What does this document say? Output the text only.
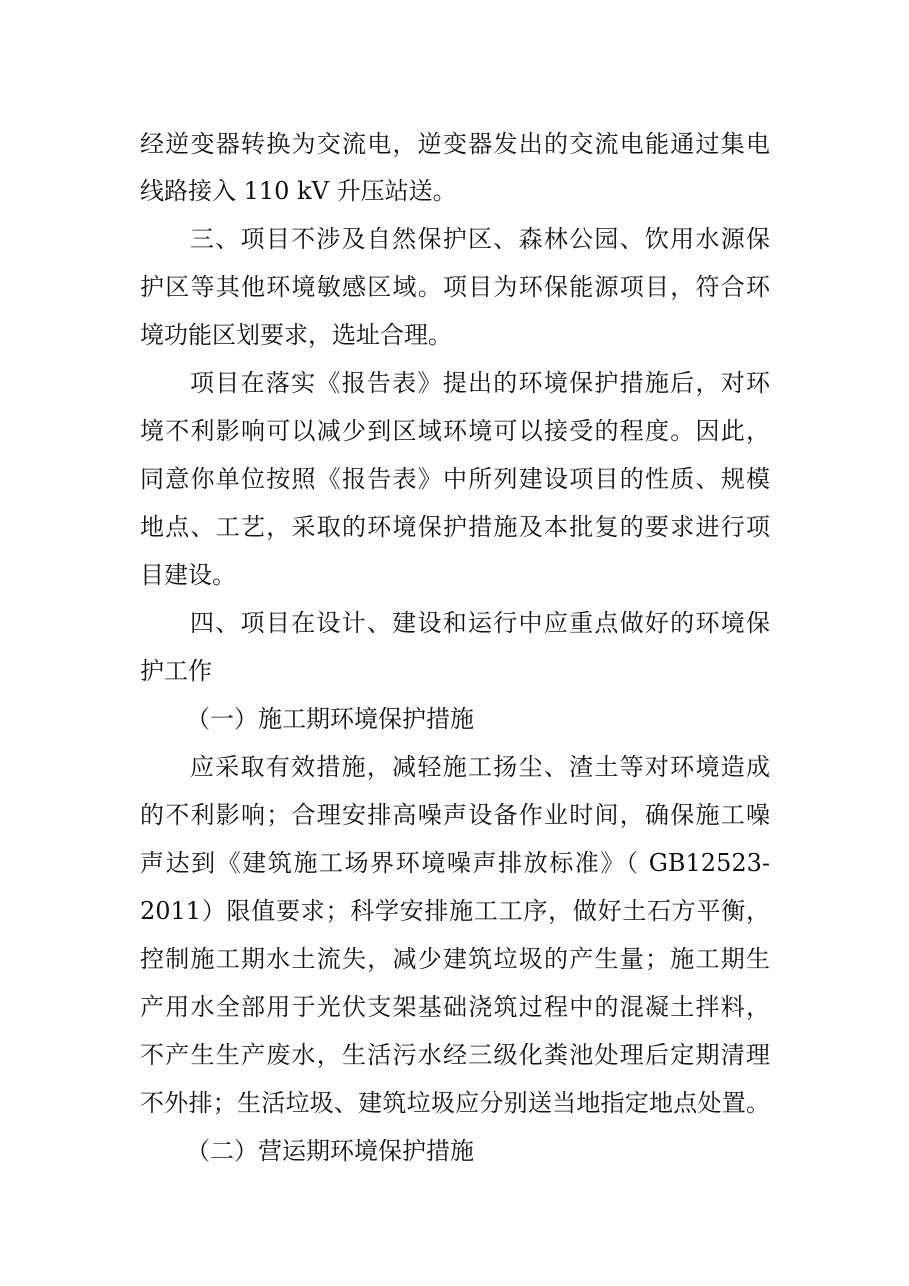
经逆变器转换为交流电，逆变器发出的交流电能通过集电
线路接入 110 kV 升压站送。
三、项目不涉及自然保护区、森林公园、饮用水源保
护区等其他环境敏感区域。项目为环保能源项目，符合环
境功能区划要求，选址合理。
项目在落实《报告表》提出的环境保护措施后，对环
境不利影响可以减少到区域环境可以接受的程度。因此，
同意你单位按照《报告表》中所列建设项目的性质、规模
地点、工艺，采取的环境保护措施及本批复的要求进行项
目建设。
四、项目在设计、建设和运行中应重点做好的环境保
护工作
（一）施工期环境保护措施
应采取有效措施，减轻施工扬尘、渣土等对环境造成
的不利影响；合理安排高噪声设备作业时间，确保施工噪
声达到《建筑施工场界环境噪声排放标准》（ GB12523-
2011）限值要求；科学安排施工工序，做好土石方平衡，
控制施工期水土流失，减少建筑垃圾的产生量；施工期生
产用水全部用于光伏支架基础浇筑过程中的混凝土拌料，
不产生生产废水，生活污水经三级化粪池处理后定期清理
不外排；生活垃圾、建筑垃圾应分别送当地指定地点处置。
（二）营运期环境保护措施
